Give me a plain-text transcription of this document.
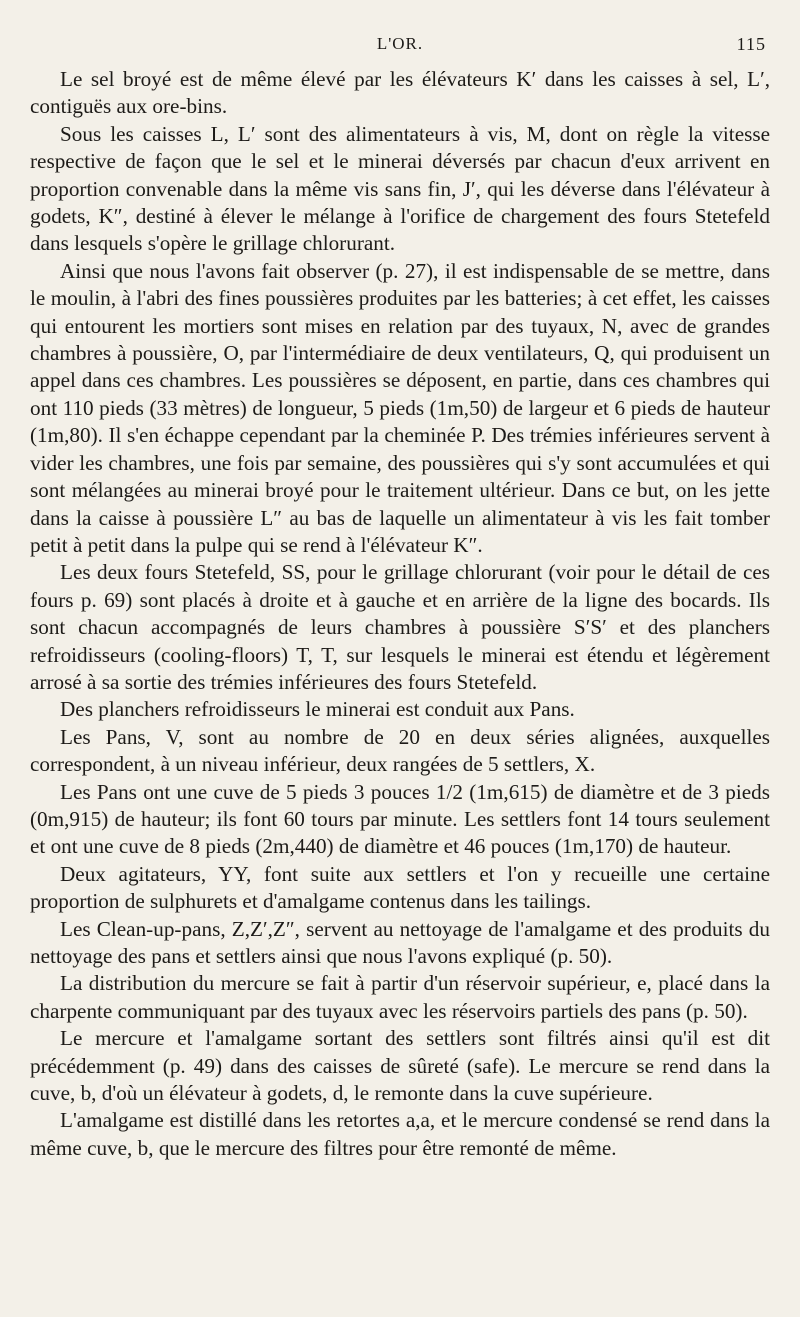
L'OR.	115

Le sel broyé est de même élevé par les élévateurs K′ dans les caisses à sel, L′, contiguës aux ore-bins.

Sous les caisses L, L′ sont des alimentateurs à vis, M, dont on règle la vitesse respective de façon que le sel et le minerai déversés par chacun d'eux arrivent en proportion convenable dans la même vis sans fin, J′, qui les déverse dans l'élévateur à godets, K″, destiné à élever le mélange à l'orifice de chargement des fours Stetefeld dans lesquels s'opère le grillage chlorurant.

Ainsi que nous l'avons fait observer (p. 27), il est indispensable de se mettre, dans le moulin, à l'abri des fines poussières produites par les batteries; à cet effet, les caisses qui entourent les mortiers sont mises en relation par des tuyaux, N, avec de grandes chambres à poussière, O, par l'intermédiaire de deux ventilateurs, Q, qui produisent un appel dans ces chambres. Les poussières se déposent, en partie, dans ces chambres qui ont 110 pieds (33 mètres) de longueur, 5 pieds (1m,50) de largeur et 6 pieds de hauteur (1m,80). Il s'en échappe cependant par la cheminée P. Des trémies inférieures servent à vider les chambres, une fois par semaine, des poussières qui s'y sont accumulées et qui sont mélangées au minerai broyé pour le traitement ultérieur. Dans ce but, on les jette dans la caisse à poussière L″ au bas de laquelle un alimentateur à vis les fait tomber petit à petit dans la pulpe qui se rend à l'élévateur K″.

Les deux fours Stetefeld, SS, pour le grillage chlorurant (voir pour le détail de ces fours p. 69) sont placés à droite et à gauche et en arrière de la ligne des bocards. Ils sont chacun accompagnés de leurs chambres à poussière S′S′ et des planchers refroidisseurs (cooling-floors) T, T, sur lesquels le minerai est étendu et légèrement arrosé à sa sortie des trémies inférieures des fours Stetefeld.

Des planchers refroidisseurs le minerai est conduit aux Pans.

Les Pans, V, sont au nombre de 20 en deux séries alignées, auxquelles correspondent, à un niveau inférieur, deux rangées de 5 settlers, X.

Les Pans ont une cuve de 5 pieds 3 pouces 1/2 (1m,615) de diamètre et de 3 pieds (0m,915) de hauteur; ils font 60 tours par minute. Les settlers font 14 tours seulement et ont une cuve de 8 pieds (2m,440) de diamètre et 46 pouces (1m,170) de hauteur.

Deux agitateurs, YY, font suite aux settlers et l'on y recueille une certaine proportion de sulphurets et d'amalgame contenus dans les tailings.

Les Clean-up-pans, Z,Z′,Z″, servent au nettoyage de l'amalgame et des produits du nettoyage des pans et settlers ainsi que nous l'avons expliqué (p. 50).

La distribution du mercure se fait à partir d'un réservoir supérieur, e, placé dans la charpente communiquant par des tuyaux avec les réservoirs partiels des pans (p. 50).

Le mercure et l'amalgame sortant des settlers sont filtrés ainsi qu'il est dit précédemment (p. 49) dans des caisses de sûreté (safe). Le mercure se rend dans la cuve, b, d'où un élévateur à godets, d, le remonte dans la cuve supérieure.

L'amalgame est distillé dans les retortes a,a, et le mercure condensé se rend dans la même cuve, b, que le mercure des filtres pour être remonté de même.
